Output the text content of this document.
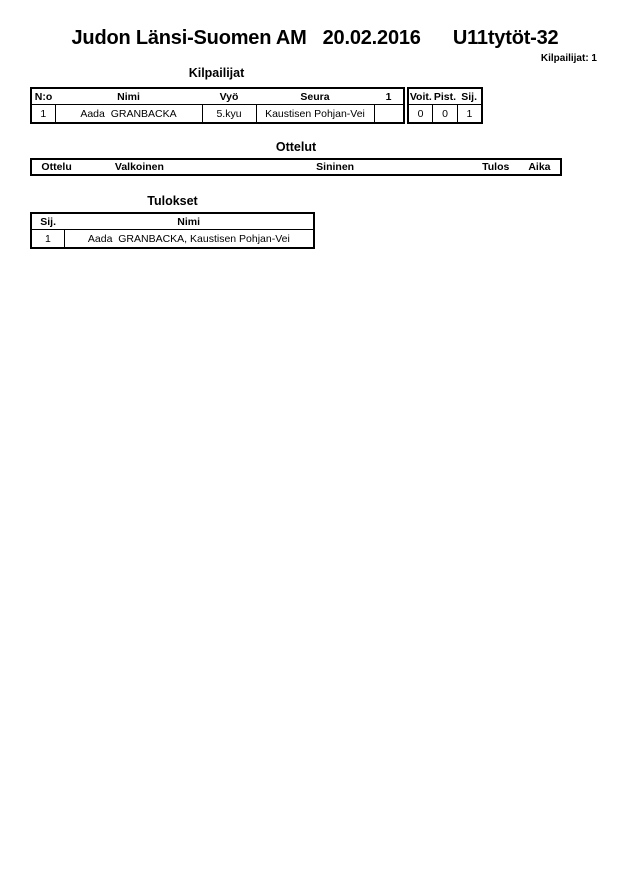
Judon Länsi-Suomen AM   20.02.2016      U11tytöt-32
Kilpailijat: 1
Kilpailijat
N:o	Nimi	Vyö	Seura	1
1	Aada  GRANBACKA	5.kyu	Kaustisen Pohjan-Vei	
Voit.	Pist.	Sij.
0	0	1
Ottelut
Ottelu	Valkoinen	Sininen	Tulos	Aika
Tulokset
Sij.	Nimi
1	Aada  GRANBACKA, Kaustisen Pohjan-Vei
